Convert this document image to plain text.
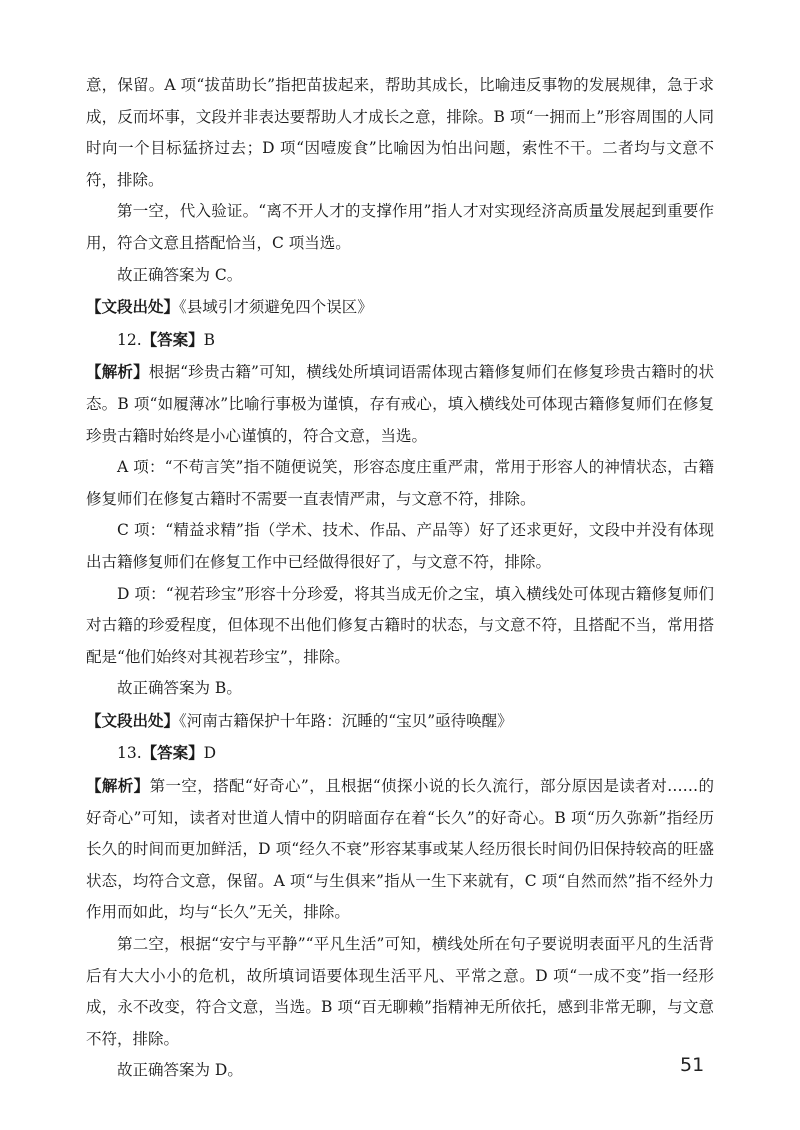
意，保留。A 项“拔苗助长”指把苗拔起来，帮助其成长，比喻违反事物的发展规律，急于求成，反而坏事，文段并非表达要帮助人才成长之意，排除。B 项“一拥而上”形容周围的人同时向一个目标猛挤过去；D 项“因噎废食”比喻因为怕出问题，索性不干。二者均与文意不符，排除。

第一空，代入验证。“离不开人才的支撑作用”指人才对实现经济高质量发展起到重要作用，符合文意且搭配恰当，C 项当选。

故正确答案为 C。

【文段出处】《县域引才须避免四个误区》

12.【答案】B

【解析】根据“珍贵古籍”可知，横线处所填词语需体现古籍修复师们在修复珍贵古籍时的状态。B 项“如履薄冰”比喻行事极为谨慎，存有戒心，填入横线处可体现古籍修复师们在修复珍贵古籍时始终是小心谨慎的，符合文意，当选。

A 项：“不苟言笑”指不随便说笑，形容态度庄重严肃，常用于形容人的神情状态，古籍修复师们在修复古籍时不需要一直表情严肃，与文意不符，排除。

C 项：“精益求精”指（学术、技术、作品、产品等）好了还求更好，文段中并没有体现出古籍修复师们在修复工作中已经做得很好了，与文意不符，排除。

D 项：“视若珍宝”形容十分珍爱，将其当成无价之宝，填入横线处可体现古籍修复师们对古籍的珍爱程度，但体现不出他们修复古籍时的状态，与文意不符，且搭配不当，常用搭配是“他们始终对其视若珍宝”，排除。

故正确答案为 B。

【文段出处】《河南古籍保护十年路：沉睡的“宝贝”亟待唤醒》

13.【答案】D

【解析】第一空，搭配“好奇心”，且根据“侦探小说的长久流行，部分原因是读者对……的好奇心”可知，读者对世道人情中的阴暗面存在着“长久”的好奇心。B 项“历久弥新”指经历长久的时间而更加鲜活，D 项“经久不衰”形容某事或某人经历很长时间仍旧保持较高的旺盛状态，均符合文意，保留。A 项“与生俱来”指从一生下来就有，C 项“自然而然”指不经外力作用而如此，均与“长久”无关，排除。

第二空，根据“安宁与平静”“平凡生活”可知，横线处所在句子要说明表面平凡的生活背后有大大小小的危机，故所填词语要体现生活平凡、平常之意。D 项“一成不变”指一经形成，永不改变，符合文意，当选。B 项“百无聊赖”指精神无所依托，感到非常无聊，与文意不符，排除。

故正确答案为 D。	51
